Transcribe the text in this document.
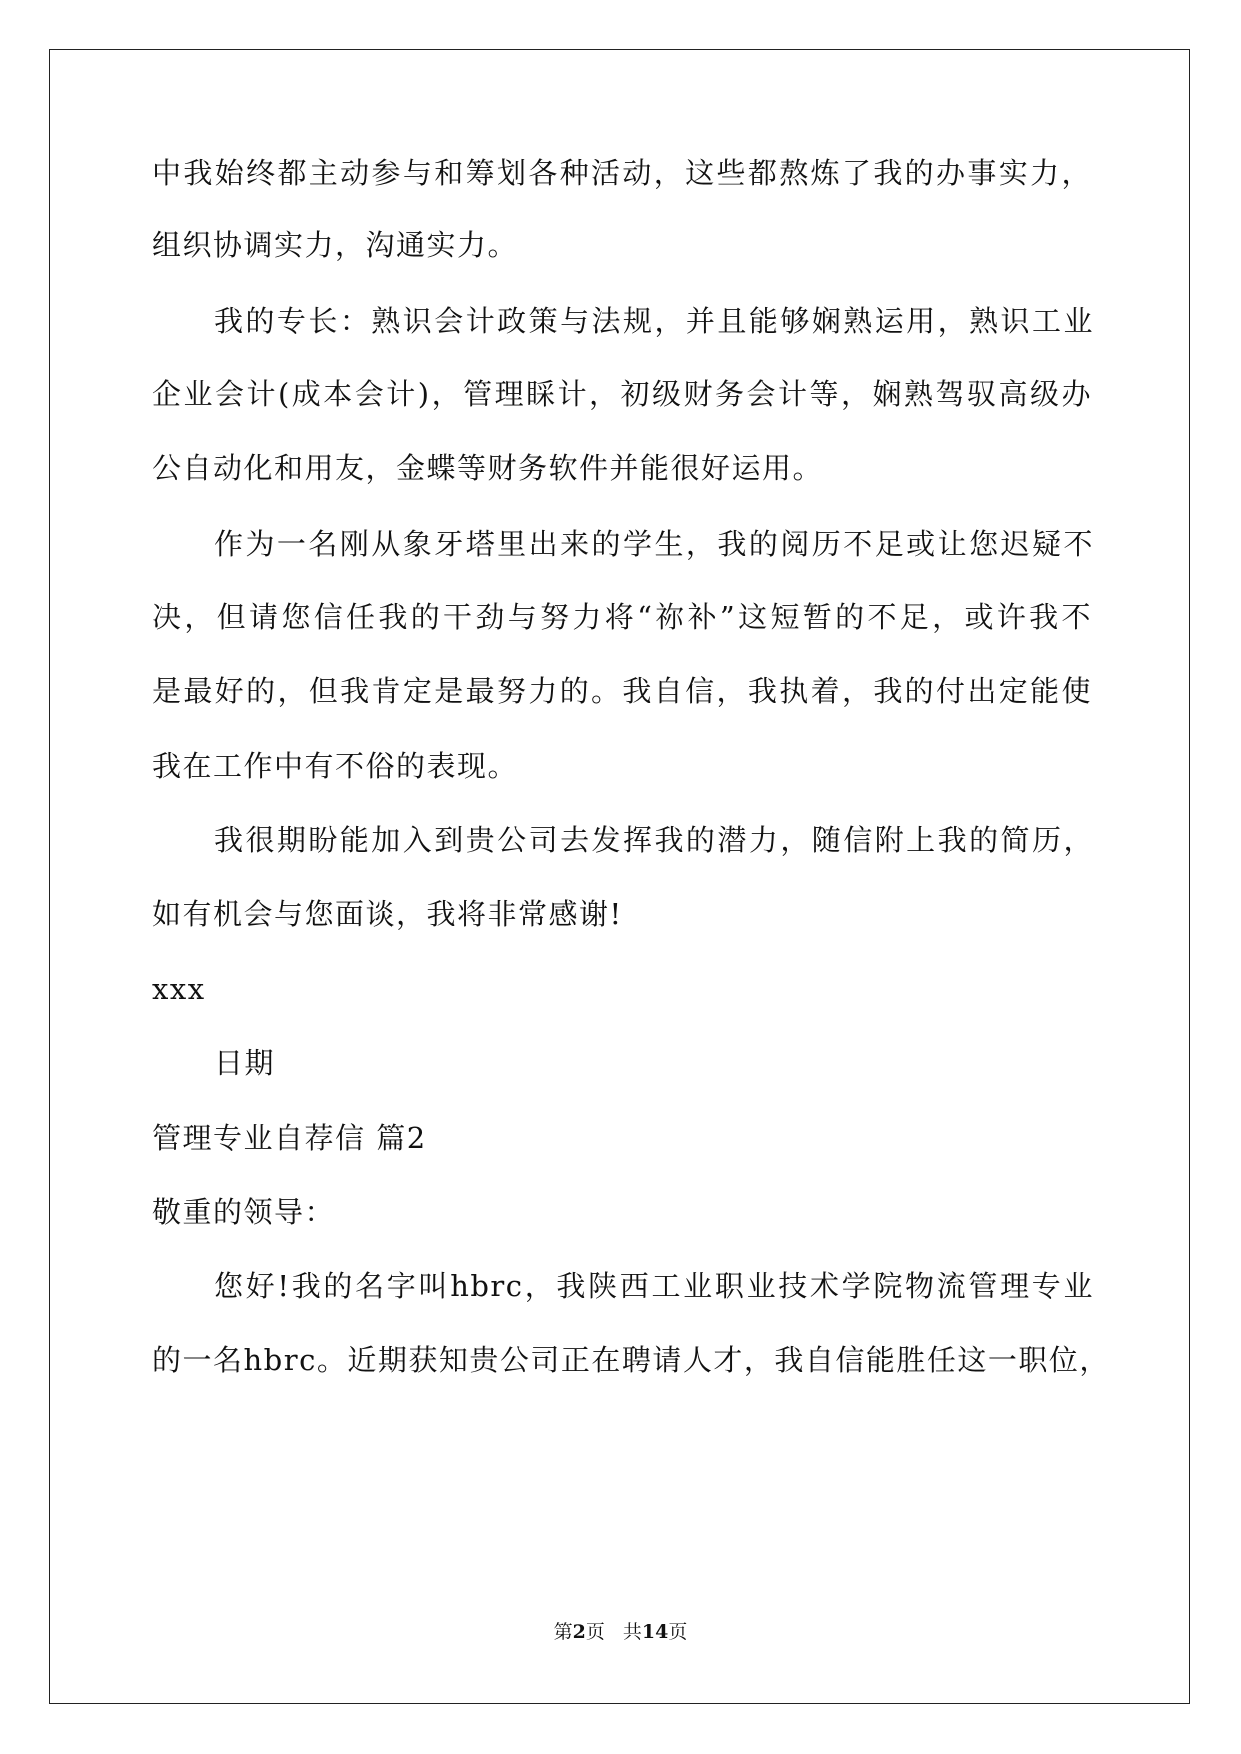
中我始终都主动参与和筹划各种活动，这些都熬炼了我的办事实力，
组织协调实力，沟通实力。
我的专长：熟识会计政策与法规，并且能够娴熟运用，熟识工业
企业会计(成本会计)，管理睬计，初级财务会计等，娴熟驾驭高级办
公自动化和用友，金蝶等财务软件并能很好运用。
作为一名刚从象牙塔里出来的学生，我的阅历不足或让您迟疑不
决，但请您信任我的干劲与努力将“祢补”这短暂的不足，或许我不
是最好的，但我肯定是最努力的。我自信，我执着，我的付出定能使
我在工作中有不俗的表现。
我很期盼能加入到贵公司去发挥我的潜力，随信附上我的简历，
如有机会与您面谈，我将非常感谢!
xxx
日期
管理专业自荐信 篇2
敬重的领导：
您好!我的名字叫hbrc，我陕西工业职业技术学院物流管理专业
的一名hbrc。近期获知贵公司正在聘请人才，我自信能胜任这一职位，
第2页 共14页
